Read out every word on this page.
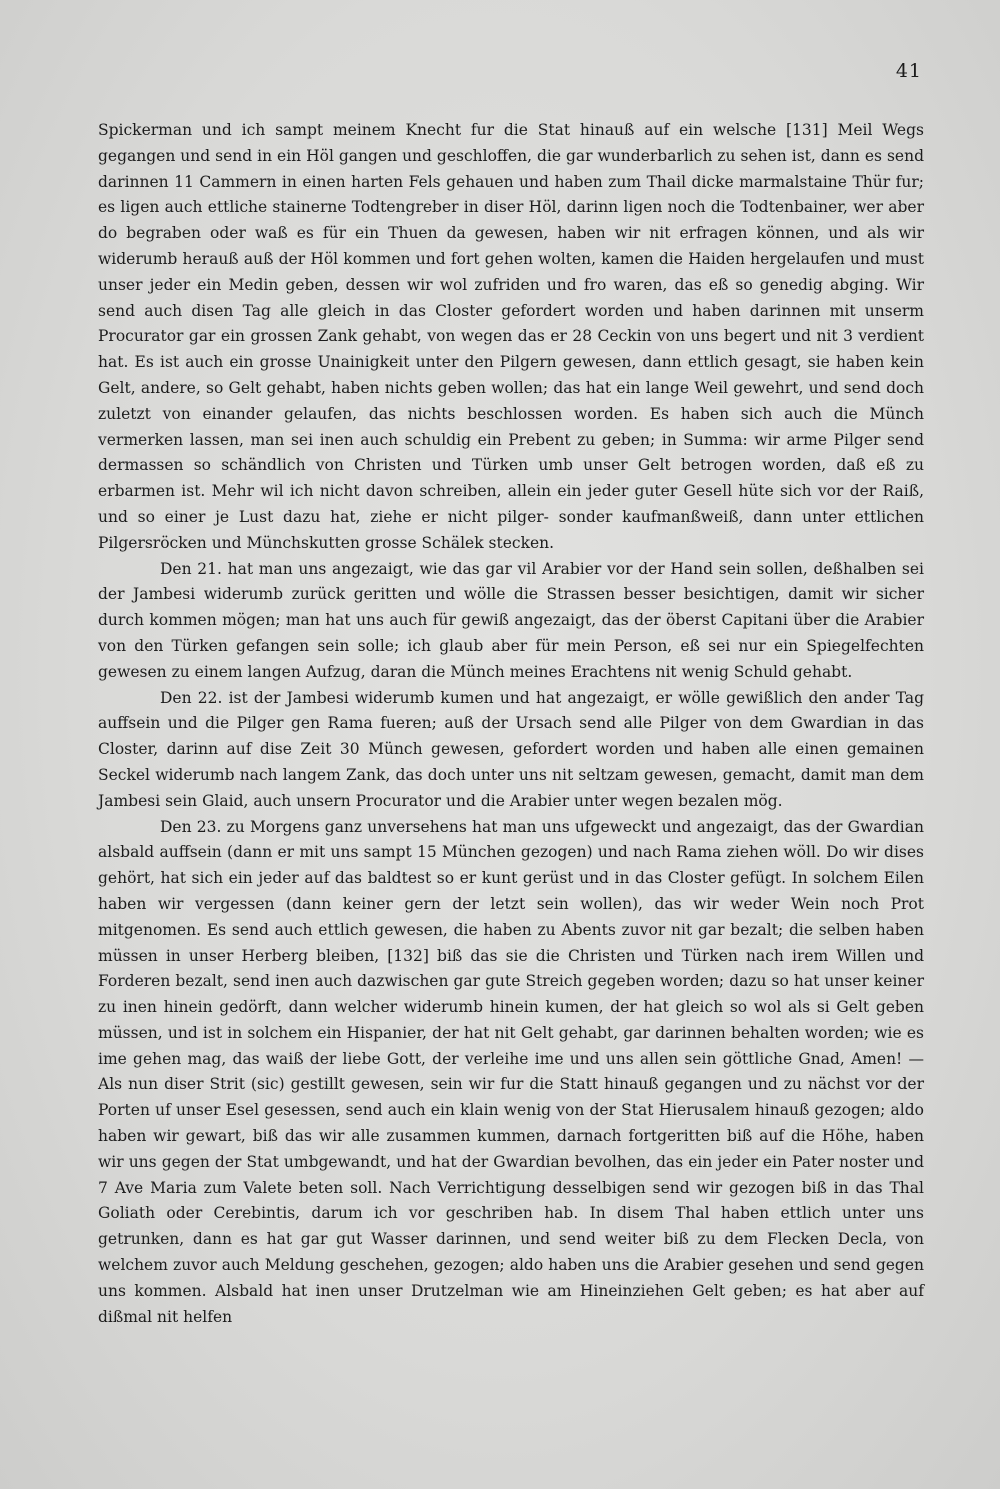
41

Spickerman und ich sampt meinem Knecht fur die Stat hinauß auf ein welsche [131] Meil Wegs gegangen und send in ein Höl gangen und geschloffen, die gar wunderbarlich zu sehen ist, dann es send darinnen 11 Cammern in einen harten Fels gehauen und haben zum Thail dicke marmalstaine Thür fur; es ligen auch ettliche stainerne Todtengreber in diser Höl, darinn ligen noch die Todtenbainer, wer aber do begraben oder waß es für ein Thuen da gewesen, haben wir nit erfragen können, und als wir widerumb herauß auß der Höl kommen und fort gehen wolten, kamen die Haiden hergelaufen und must unser jeder ein Medin geben, dessen wir wol zufriden und fro waren, das eß so genedig abging. Wir send auch disen Tag alle gleich in das Closter gefordert worden und haben darinnen mit unserm Procurator gar ein grossen Zank gehabt, von wegen das er 28 Ceckin von uns begert und nit 3 verdient hat. Es ist auch ein grosse Unainigkeit unter den Pilgern gewesen, dann ettlich gesagt, sie haben kein Gelt, andere, so Gelt gehabt, haben nichts geben wollen; das hat ein lange Weil gewehrt, und send doch zuletzt von einander gelaufen, das nichts beschlossen worden. Es haben sich auch die Münch vermerken lassen, man sei inen auch schuldig ein Prebent zu geben; in Summa: wir arme Pilger send dermassen so schändlich von Christen und Türken umb unser Gelt betrogen worden, daß eß zu erbarmen ist. Mehr wil ich nicht davon schreiben, allein ein jeder guter Gesell hüte sich vor der Raiß, und so einer je Lust dazu hat, ziehe er nicht pilger- sonder kaufmanßweiß, dann unter ettlichen Pilgersröcken und Münchskutten grosse Schälek stecken.

Den 21. hat man uns angezaigt, wie das gar vil Arabier vor der Hand sein sollen, deßhalben sei der Jambesi widerumb zurück geritten und wölle die Strassen besser besichtigen, damit wir sicher durch kommen mögen; man hat uns auch für gewiß angezaigt, das der öberst Capitani über die Arabier von den Türken gefangen sein solle; ich glaub aber für mein Person, eß sei nur ein Spiegelfechten gewesen zu einem langen Aufzug, daran die Münch meines Erachtens nit wenig Schuld gehabt.

Den 22. ist der Jambesi widerumb kumen und hat angezaigt, er wölle gewißlich den ander Tag auffsein und die Pilger gen Rama fueren; auß der Ursach send alle Pilger von dem Gwardian in das Closter, darinn auf dise Zeit 30 Münch gewesen, gefordert worden und haben alle einen gemainen Seckel widerumb nach langem Zank, das doch unter uns nit seltzam gewesen, gemacht, damit man dem Jambesi sein Glaid, auch unsern Procurator und die Arabier unter wegen bezalen mög.

Den 23. zu Morgens ganz unversehens hat man uns ufgeweckt und angezaigt, das der Gwardian alsbald auffsein (dann er mit uns sampt 15 München gezogen) und nach Rama ziehen wöll. Do wir dises gehört, hat sich ein jeder auf das baldtest so er kunt gerüst und in das Closter gefügt. In solchem Eilen haben wir vergessen (dann keiner gern der letzt sein wollen), das wir weder Wein noch Prot mitgenomen. Es send auch ettlich gewesen, die haben zu Abents zuvor nit gar bezalt; die selben haben müssen in unser Herberg bleiben, [132] biß das sie die Christen und Türken nach irem Willen und Forderen bezalt, send inen auch dazwischen gar gute Streich gegeben worden; dazu so hat unser keiner zu inen hinein gedörft, dann welcher widerumb hinein kumen, der hat gleich so wol als si Gelt geben müssen, und ist in solchem ein Hispanier, der hat nit Gelt gehabt, gar darinnen behalten worden; wie es ime gehen mag, das waiß der liebe Gott, der verleihe ime und uns allen sein göttliche Gnad, Amen! — Als nun diser Strit (sic) gestillt gewesen, sein wir fur die Statt hinauß gegangen und zu nächst vor der Porten uf unser Esel gesessen, send auch ein klain wenig von der Stat Hierusalem hinauß gezogen; aldo haben wir gewart, biß das wir alle zusammen kummen, darnach fortgeritten biß auf die Höhe, haben wir uns gegen der Stat umbgewandt, und hat der Gwardian bevolhen, das ein jeder ein Pater noster und 7 Ave Maria zum Valete beten soll. Nach Verrichtigung desselbigen send wir gezogen biß in das Thal Goliath oder Cerebintis, darum ich vor geschriben hab. In disem Thal haben ettlich unter uns getrunken, dann es hat gar gut Wasser darinnen, und send weiter biß zu dem Flecken Decla, von welchem zuvor auch Meldung geschehen, gezogen; aldo haben uns die Arabier gesehen und send gegen uns kommen. Alsbald hat inen unser Drutzelman wie am Hineinziehen Gelt geben; es hat aber auf dißmal nit helfen
